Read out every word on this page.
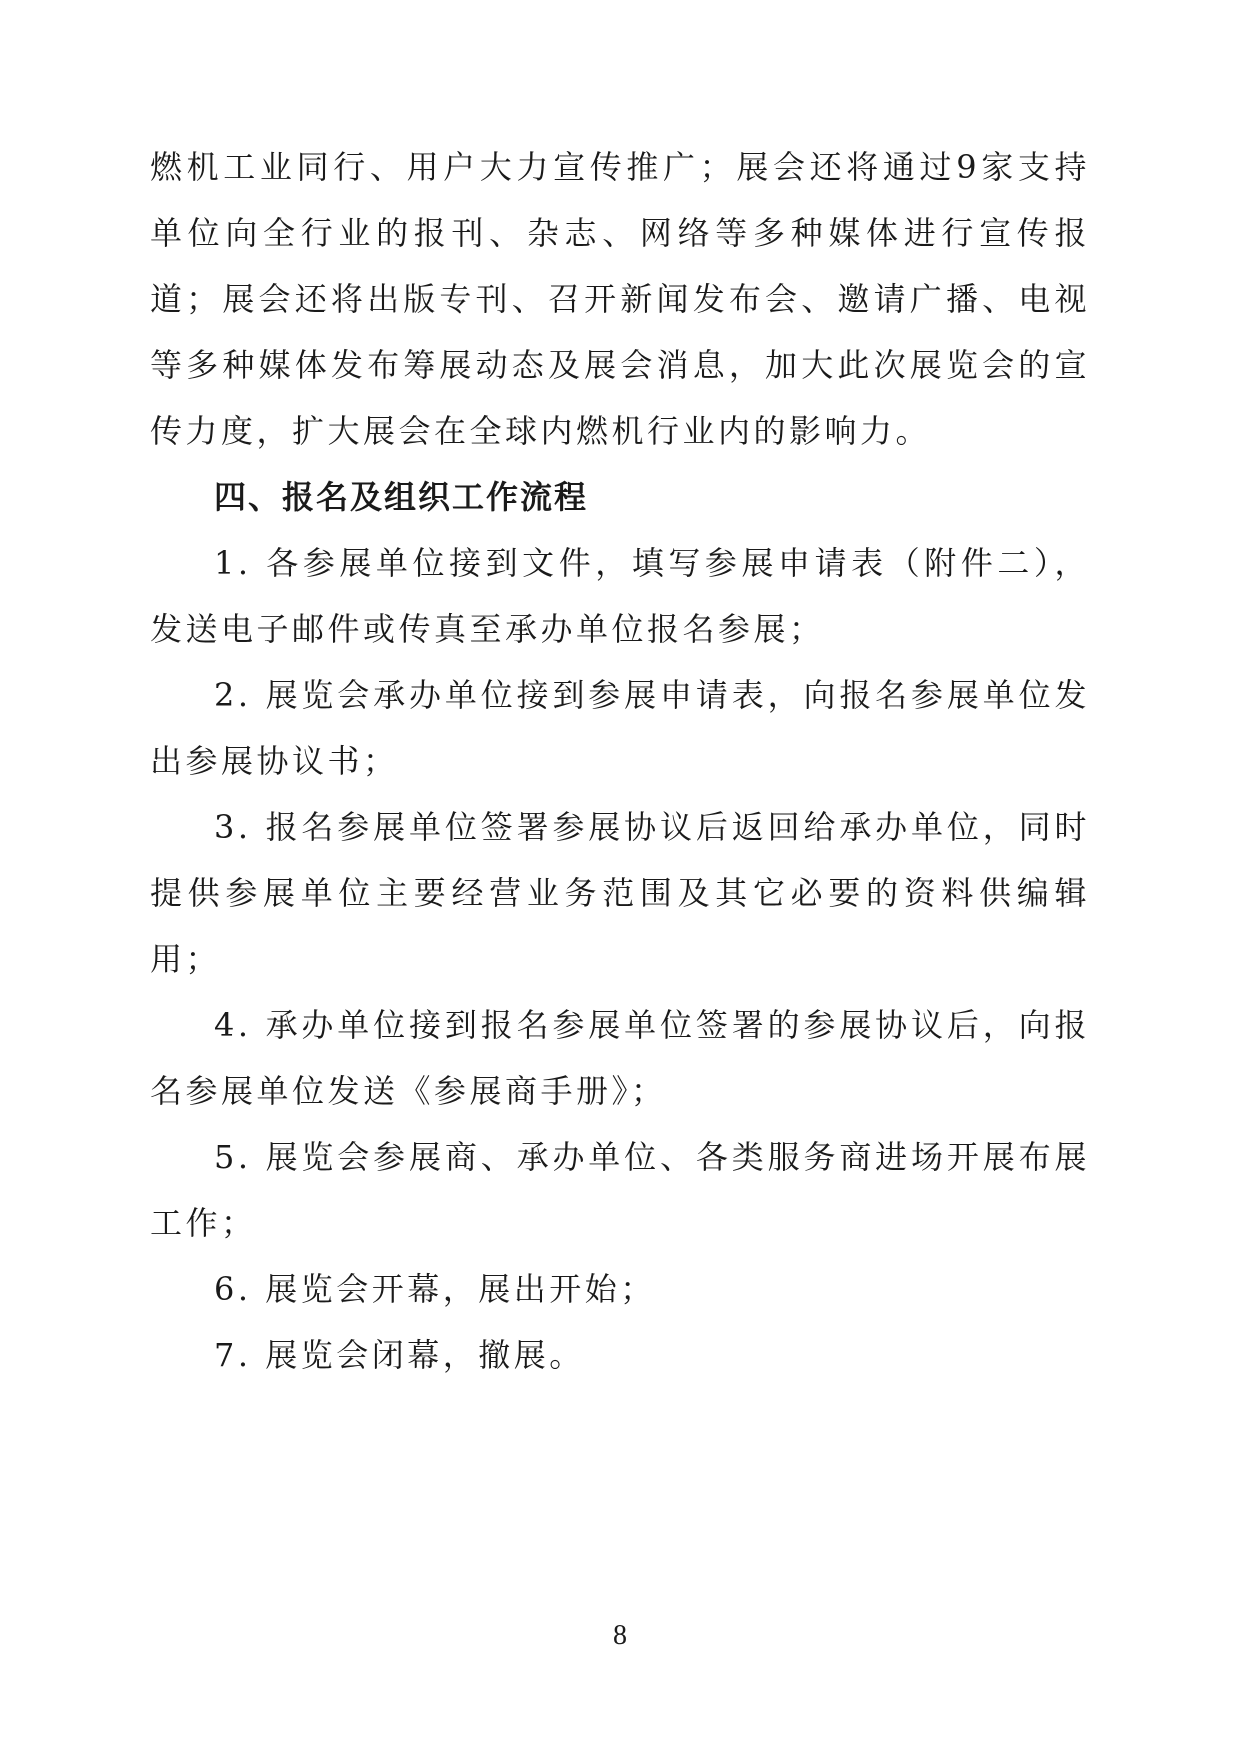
燃机工业同行、用户大力宣传推广；展会还将通过9家支持单位向全行业的报刊、杂志、网络等多种媒体进行宣传报道；展会还将出版专刊、召开新闻发布会、邀请广播、电视等多种媒体发布筹展动态及展会消息，加大此次展览会的宣传力度，扩大展会在全球内燃机行业内的影响力。

四、报名及组织工作流程

1. 各参展单位接到文件，填写参展申请表（附件二），发送电子邮件或传真至承办单位报名参展；

2. 展览会承办单位接到参展申请表，向报名参展单位发出参展协议书；

3. 报名参展单位签署参展协议后返回给承办单位，同时提供参展单位主要经营业务范围及其它必要的资料供编辑用；

4. 承办单位接到报名参展单位签署的参展协议后，向报名参展单位发送《参展商手册》；

5. 展览会参展商、承办单位、各类服务商进场开展布展工作；

6. 展览会开幕，展出开始；

7. 展览会闭幕，撤展。

8
